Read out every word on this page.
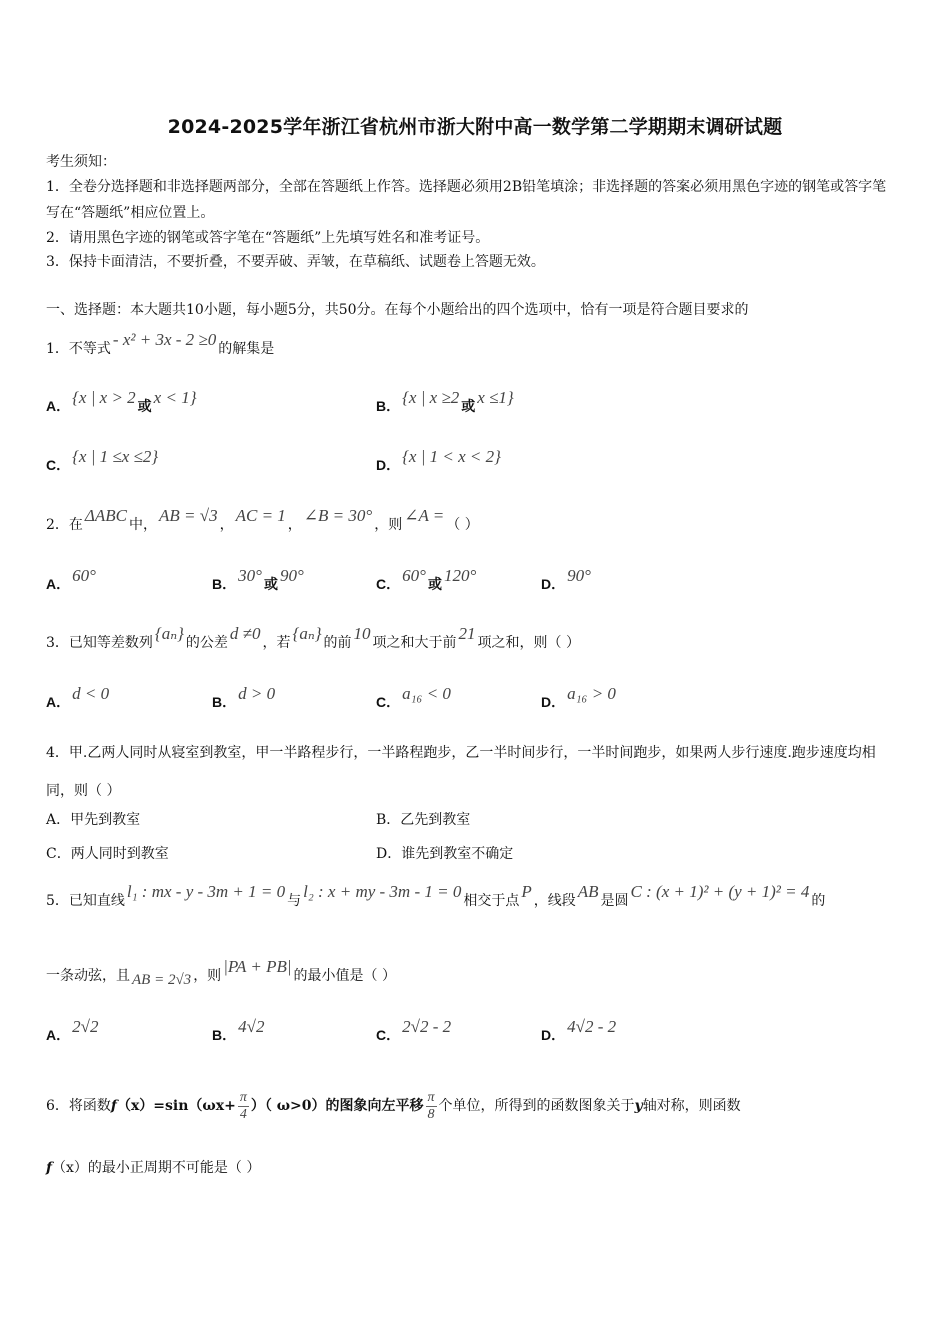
2024-2025学年浙江省杭州市浙大附中高一数学第二学期期末调研试题
考生须知：
1．全卷分选择题和非选择题两部分，全部在答题纸上作答。选择题必须用2B铅笔填涂；非选择题的答案必须用黑色字迹的钢笔或答字笔写在“答题纸”相应位置上。
2．请用黑色字迹的钢笔或答字笔在“答题纸”上先填写姓名和准考证号。
3．保持卡面清洁，不要折叠，不要弄破、弄皱，在草稿纸、试题卷上答题无效。
一、选择题：本大题共10小题，每小题5分，共50分。在每个小题给出的四个选项中，恰有一项是符合题目要求的
1．不等式 - x² + 3x - 2 ≥0 的解集是
A． {x | x > 2 或 x < 1}	B． {x | x ≥2 或 x ≤1}
C． {x | 1 ≤x ≤2}	D． {x | 1 < x < 2}
2．在 ΔABC 中， AB = √3 ， AC = 1 ， ∠B = 30° ，则 ∠A = （ ）
A． 60°	B． 30° 或 90°	C． 60° 或 120°	D． 90°
3．已知等差数列 {aₙ} 的公差 d ≠0 ，若 {aₙ} 的前 10 项之和大于前 21 项之和，则（ ）
A． d < 0	B． d > 0	C． a₁₆ < 0	D． a₁₆ > 0
4．甲.乙两人同时从寝室到教室，甲一半路程步行，一半路程跑步，乙一半时间步行，一半时间跑步，如果两人步行速度.跑步速度均相同，则（ ）
A．甲先到教室	B．乙先到教室
C．两人同时到教室	D．谁先到教室不确定
5．已知直线 l₁ : mx - y - 3m + 1 = 0 与 l₂ : x + my - 3m - 1 = 0 相交于点 P ，线段 AB 是圆 C : (x + 1)² + (y + 1)² = 4 的
一条动弦，且 AB = 2√3 ，则 |PA + PB| 的最小值是（ ）
A． 2√2	B． 4√2	C． 2√2 - 2	D． 4√2 - 2
6．将函数$f(x)=\sin(\omega x+ \frac{\pi}{4}$ ）（ ω>0）的图象向左平移 $\frac{\pi}{8}$ 个单位，所得到的函数图象关于y轴对称，则函数
f（x）的最小正周期不可能是（ ）
